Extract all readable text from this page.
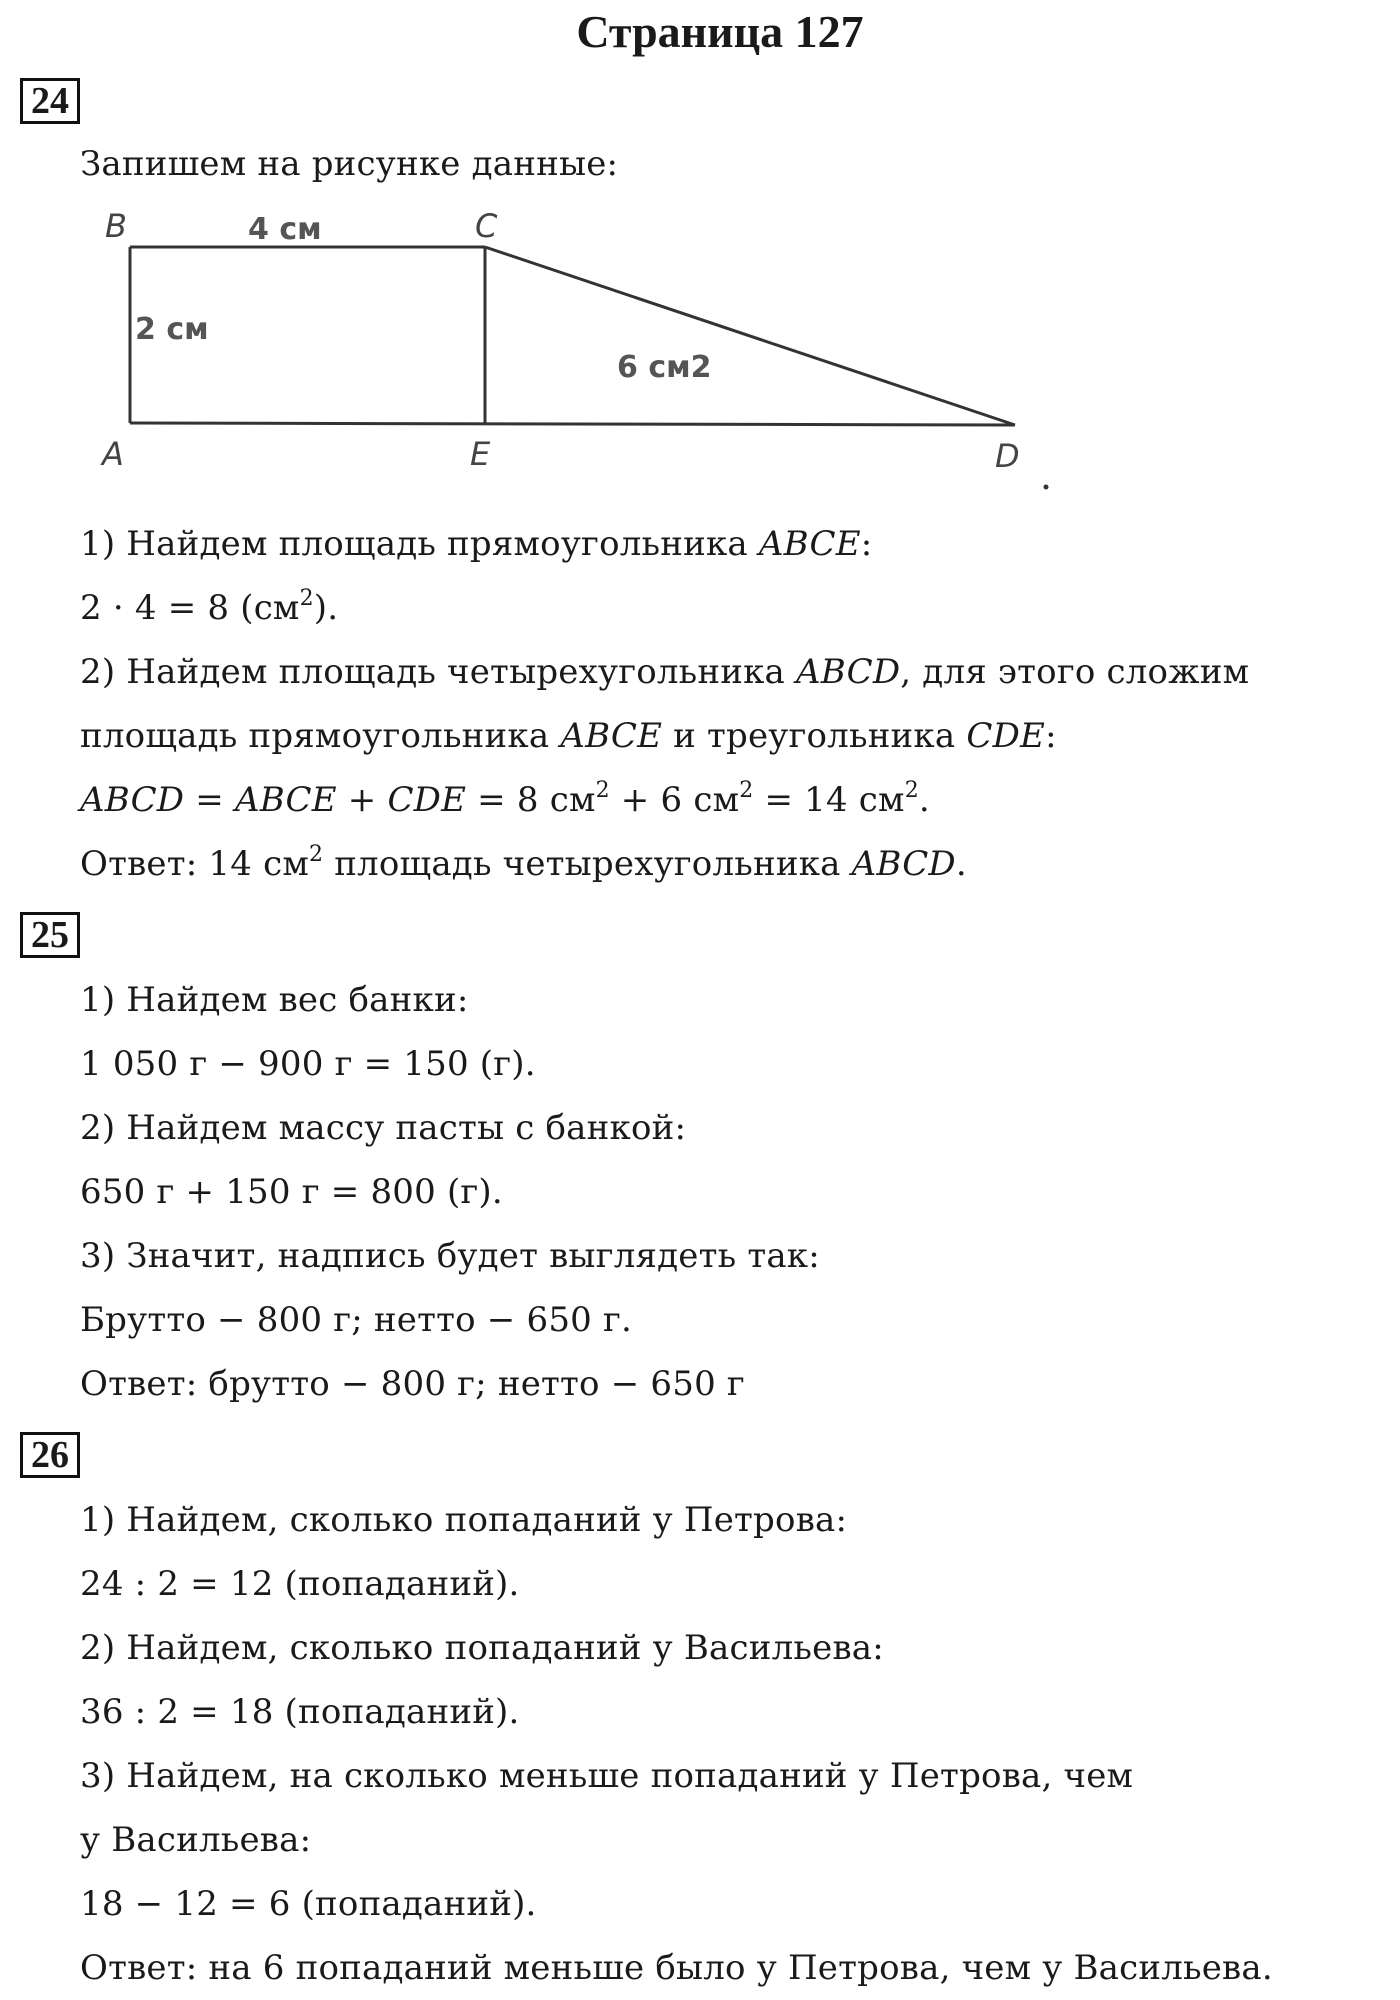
Страница 127
24
Запишем на рисунке данные:
B	C
A	E	D
4 см
2 см
6 см2
1) Найдем площадь прямоугольника ABCE:
2 · 4 = 8 $(см^2)$.
2) Найдем площадь четырехугольника ABCD, для этого сложим
площадь прямоугольника ABCE и треугольника CDE:
ABCD = ABCE + CDE = 8 $см^2 + 6$ $см^2 = 14$ $см^2$.
Ответ: 14 $см^2$ площадь четырехугольника ABCD.
25
1) Найдем вес банки:
1 050 г − 900 г = 150 (г).
2) Найдем массу пасты с банкой:
650 г + 150 г = 800 (г).
3) Значит, надпись будет выглядеть так:
Брутто − 800 г; нетто − 650 г.
Ответ: брутто − 800 г; нетто − 650 г
26
1) Найдем, сколько попаданий у Петрова:
24 : 2 = 12 (попаданий).
2) Найдем, сколько попаданий у Васильева:
36 : 2 = 18 (попаданий).
3) Найдем, на сколько меньше попаданий у Петрова, чем
у Васильева:
18 − 12 = 6 (попаданий).
Ответ: на 6 попаданий меньше было у Петрова, чем у Васильева.
